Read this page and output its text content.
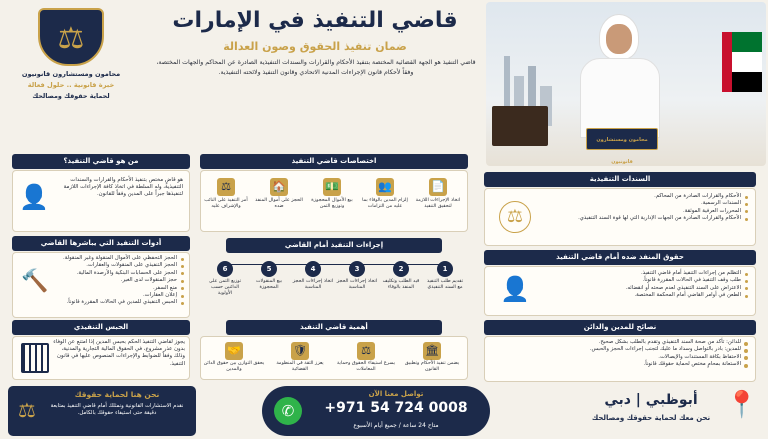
⚖
محامون ومستشارون قانونيون
خبرة قانونية .. حلول فعالة
لحماية حقوقك ومصالحك
قاضي التنفيذ في الإمارات
ضمان تنفيذ الحقوق وصون العدالة
قاضي التنفيذ هو الجهة القضائية المختصة بتنفيذ الأحكام والقرارات والسندات التنفيذية الصادرة عن المحاكم والجهات المختصة، وفقاً لأحكام قانون الإجراءات المدنية الاتحادي وقانون التنفيذ ولائحته التنفيذية.
محامون ومستشارون قانونيون
من هو قاضي التنفيذ؟
👤
هو قاضٍ مختص بتنفيذ الأحكام والقرارات والسندات التنفيذية، وله السلطة في اتخاذ كافة الإجراءات اللازمة لتنفيذها جبراً على المدين وفقاً للقانون.
اختصاصات قاضي التنفيذ
📄
اتخاذ الإجراءات اللازمة لتحقيق التنفيذ
👥
إلزام المدين بالوفاء بما عليه من التزامات
💵
بيع الأموال المحجوزة وتوزيع الثمن
🏠
الحجز على أموال المنفذ ضده
⚖
أمر التنفيذ على النائب والإشراف عليه
السندات التنفيذية
الأحكام والقرارات الصادرة من المحاكم.
السندات الرسمية.
المحررات العرفية الموثقة.
الأحكام والقرارات الصادرة من الجهات الإدارية التي لها قوة السند التنفيذي.
⚖
أدوات التنفيذ التي يباشرها القاضي
الحجز التحفظي على الأموال المنقولة وغير المنقولة.
الحجز التنفيذي على المنقولات والعقارات.
الحجز على الحسابات البنكية والأرصدة المالية.
حجز المنقولات لدى الغير.
منع السفر.
إعلان العقارات.
الحبس التنفيذي للمدين في الحالات المقررة قانوناً.
🔨
إجراءات التنفيذ أمام القاضي
1
تقديم طلب التنفيذ مع السند التنفيذي
2
قيد الطلب وتكليف المنفذ بالوفاء
3
اتخاذ إجراءات الحجز المناسبة
4
اتخاذ إجراءات الحجز المناسبة
5
بيع المنقولات المحجوزة
6
توزيع الثمن على الدائنين حسب الأولوية
حقوق المنفذ ضده أمام قاضي التنفيذ
التظلم من إجراءات التنفيذ أمام قاضي التنفيذ.
طلب وقف التنفيذ في الحالات المقررة قانوناً.
الاعتراض على السند التنفيذي لعدم صحته أو انقضائه.
الطعن في أوامر القاضي أمام المحكمة المختصة.
👤
الحبس التنفيذي
يجوز لقاضي التنفيذ الحكم بحبس المدين إذا امتنع عن الوفاء بدون عذر مشروع، في الحقوق المالية التجارية والمدنية، وذلك وفقاً للضوابط والإجراءات المنصوص عليها في قانون التنفيذ.
أهمية قاضي التنفيذ
🏛
يضمن تنفيذ الأحكام وتطبيق القانون
⚖
يسرع استيفاء الحقوق وحماية المعاملات
🛡
يعزز الثقة في المنظومة القضائية
🤝
يحقق التوازن بين حقوق الدائن والمدين
نصائح للمدين والدائن
للدائن: تأكد من صحة السند التنفيذي وتقدم بالطلب بشكل صحيح.
للمدين: بادر بالتواصل وسداد ما عليك لتجنب إجراءات الحجز والحبس.
الاحتفاظ بكافة المستندات والإيصالات.
الاستعانة بمحامٍ مختص لحماية حقوقك قانوناً.
⚖
نحن هنا لحماية حقوقك
نقدم الاستشارات القانونية ونمثلك أمام قاضي التنفيذ بمتابعة دقيقة حتى استيفاء حقوقك بالكامل.	✆
تواصل معنا الآن
+971 54 724 0008
متاح 24 ساعة / جميع أيام الأسبوع
📍
أبوظبي | دبي
نحن معك لحماية حقوقك ومصالحك
